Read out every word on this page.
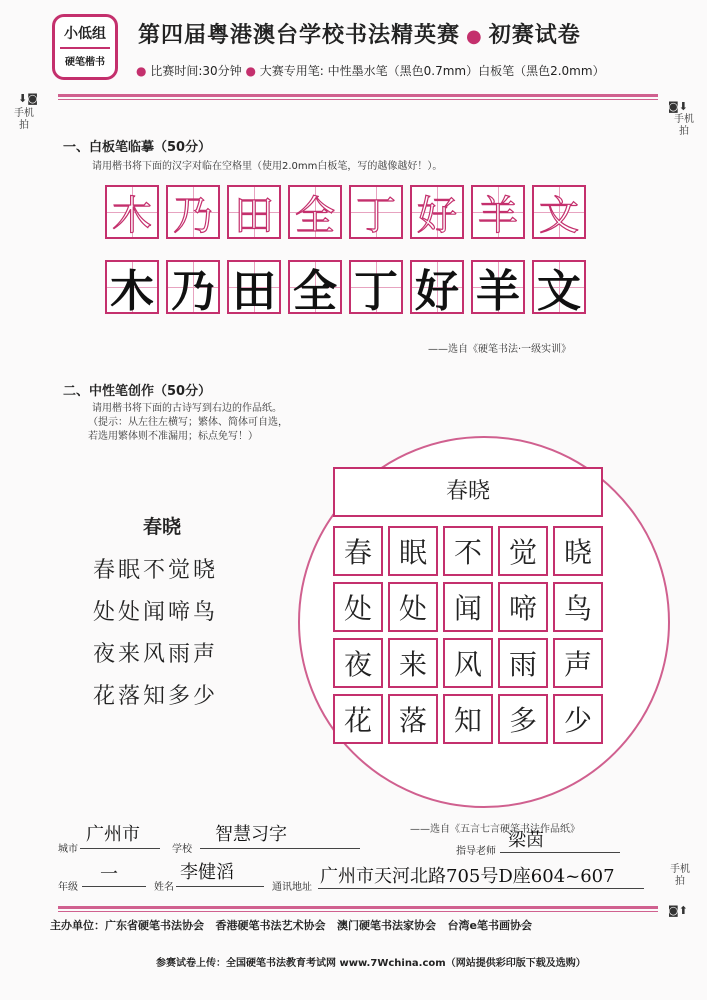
小低组
硬笔楷书
第四届粤港澳台学校书法精英赛 ● 初赛试卷
● 比赛时间:30分钟 ● 大赛专用笔: 中性墨水笔（黑色0.7mm）白板笔（黑色2.0mm）
⬇◙
手机拍
◙⬇
手机拍
手机拍
◙⬆
一、白板笔临摹（50分）
请用楷书将下面的汉字对临在空格里（使用2.0mm白板笔，写的越像越好！）。
木 乃 田 全 丁 好 羊 文
木 乃 田 全 丁 好 羊 文
——选自《硬笔书法·一级实训》
二、中性笔创作（50分）
请用楷书将下面的古诗写到右边的作品纸。
（提示：从左往左横写；繁体、简体可自选，
若选用繁体则不准漏用；标点免写！）
春晓
春眠不觉晓
处处闻啼鸟
夜来风雨声
花落知多少
春晓
春 眠 不 觉 晓
处 处 闻 啼 鸟
夜 来 风 雨 声
花 落 知 多 少
——选自《五言七言硬笔书法作品纸》
城市
广州市
学校
智慧习字
指导老师
梁茵
年级
一
姓名
李健滔
通讯地址
广州市天河北路705号D座604~607
主办单位：广东省硬笔书法协会 香港硬笔书法艺术协会 澳门硬笔书法家协会 台湾e笔书画协会
参赛试卷上传：全国硬笔书法教育考试网 www.7Wchina.com（网站提供彩印版下载及选购）
